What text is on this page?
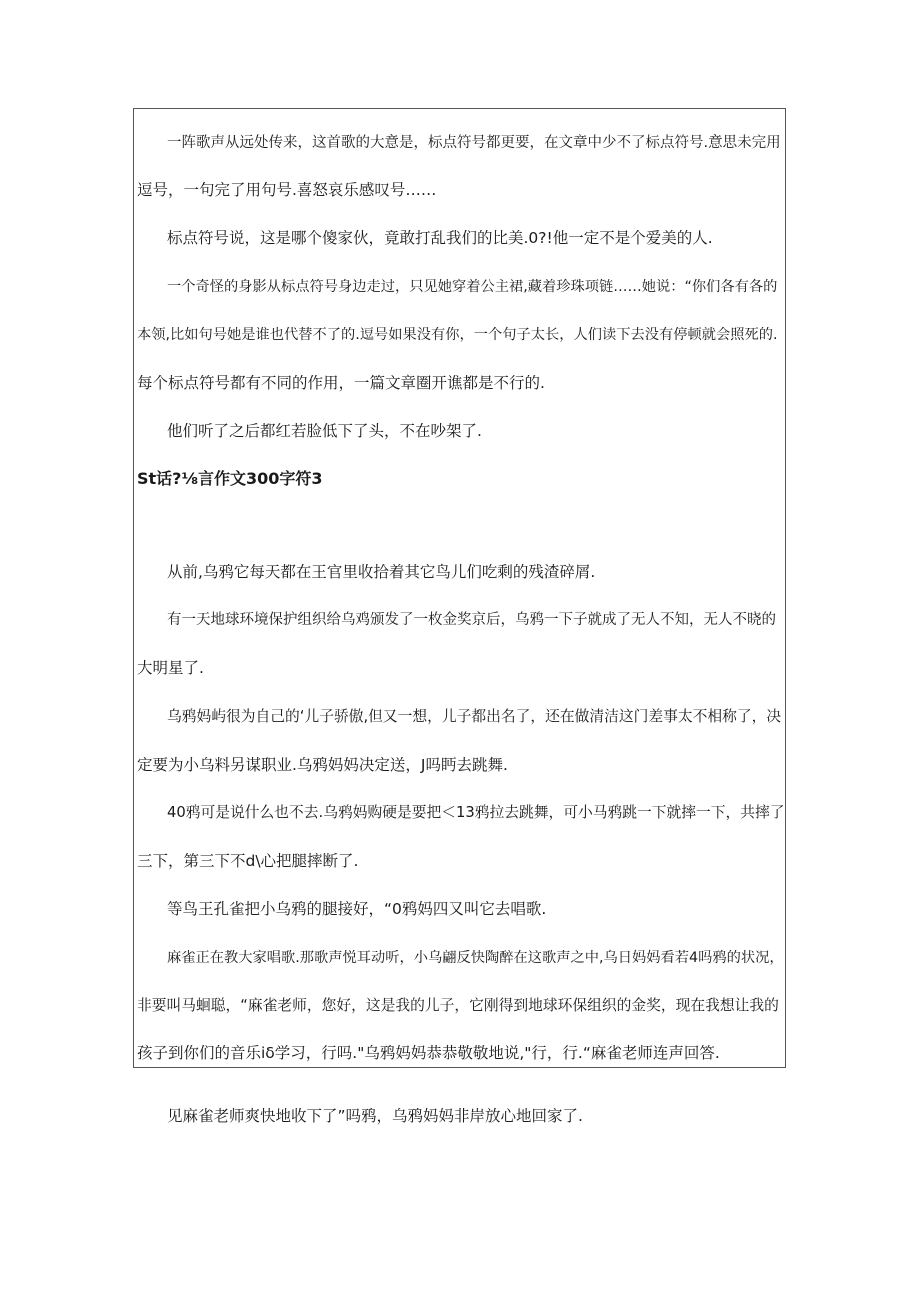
一阵歌声从远处传来，这首歌的大意是，标点符号都更要，在文章中少不了标点符号.意思未完用
逗号，一句完了用句号.喜怒哀乐感叹号……
标点符号说，这是哪个傻家伙，竟敢打乱我们的比美.0?!他一定不是个爱美的人.
一个奇怪的身影从标点符号身边走过，只见她穿着公主裙,藏着珍珠项链……她说：“你们各有各的
本领,比如句号她是谁也代替不了的.逗号如果没有你，一个句子太长，人们读下去没有停顿就会照死的.
每个标点符号都有不同的作用，一篇文章圈开谯都是不行的.
他们听了之后都红若脸低下了头，不在吵架了.
St话?⅛言作文300字符3
从前,乌鸦它每天都在王官里收拾着其它鸟儿们吃剩的残渣碎屑.
有一天地球环境保护组织给乌鸡颁发了一枚金奖京后，乌鸦一下子就成了无人不知，无人不晓的
大明星了.
乌鸦妈屿很为自己的‘儿子骄傲,但又一想，儿子都出名了，还在做清洁这门差事太不相称了，决
定要为小乌料另谋职业.乌鸦妈妈决定送，J吗眄去跳舞.
40鸦可是说什么也不去.乌鸦妈购硬是要把＜13鸦拉去跳舞，可小马鸦跳一下就摔一下，共摔了
三下，第三下不d\心把腿摔断了.
等鸟王孔雀把小乌鸦的腿接好，“0鸦妈四又叫它去唱歌.
麻雀正在教大家唱歌.那歌声悦耳动听，小乌翩反快陶醉在这歌声之中,乌日妈妈看若4吗鸦的状况，
非要叫马蛔聪，“麻雀老师，您好，这是我的儿子，它刚得到地球环保组织的金奖，现在我想让我的
孩子到你们的音乐iδ学习，行吗."乌鸦妈妈恭恭敬敬地说,"行，行.“麻雀老师连声回答.
见麻雀老师爽快地收下了”吗鸦，乌鸦妈妈非岸放心地回家了.
